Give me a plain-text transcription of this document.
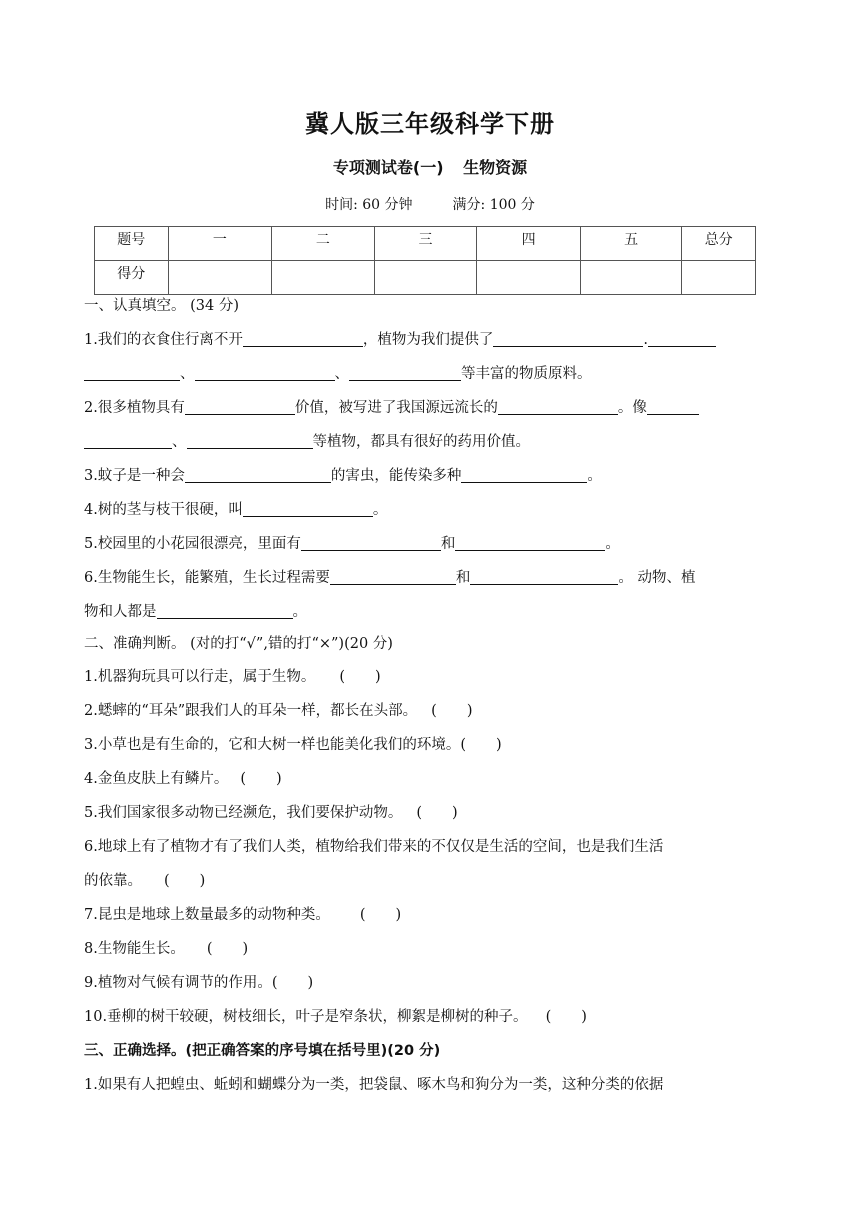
冀人版三年级科学下册
专项测试卷(一) 生物资源
时间: 60 分钟	满分: 100 分
题号	一	二	三	四	五	总分
得分						
一、认真填空。 (34 分)
1.我们的衣食住行离不开	，植物为我们提供了	.
、	、	等丰富的物质原料。
2.很多植物具有	价值，被写进了我国源远流长的	。像
、	等植物，都具有很好的药用价值。
3.蚊子是一种会	的害虫，能传染多种	。
4.树的茎与枝干很硬，叫	。
5.校园里的小花园很漂亮，里面有	和	。
6.生物能生长，能繁殖，生长过程需要	和	。 动物、植
物和人都是	。
二、准确判断。 (对的打“√”,错的打“×”)(20 分)
1.机器狗玩具可以行走，属于生物。 ( )
2.蟋蟀的“耳朵”跟我们人的耳朵一样，都长在头部。 ( )
3.小草也是有生命的，它和大树一样也能美化我们的环境。( )
4.金鱼皮肤上有鳞片。 ( )
5.我们国家很多动物已经濒危，我们要保护动物。 ( )
6.地球上有了植物才有了我们人类，植物给我们带来的不仅仅是生活的空间，也是我们生活
的依靠。 ( )
7.昆虫是地球上数量最多的动物种类。 ( )
8.生物能生长。 ( )
9.植物对气候有调节的作用。( )
10.垂柳的树干较硬，树枝细长，叶子是窄条状，柳絮是柳树的种子。 ( )
三、正确选择。(把正确答案的序号填在括号里)(20 分)
1.如果有人把蝗虫、蚯蚓和蝴蝶分为一类，把袋鼠、啄木鸟和狗分为一类，这种分类的依据
